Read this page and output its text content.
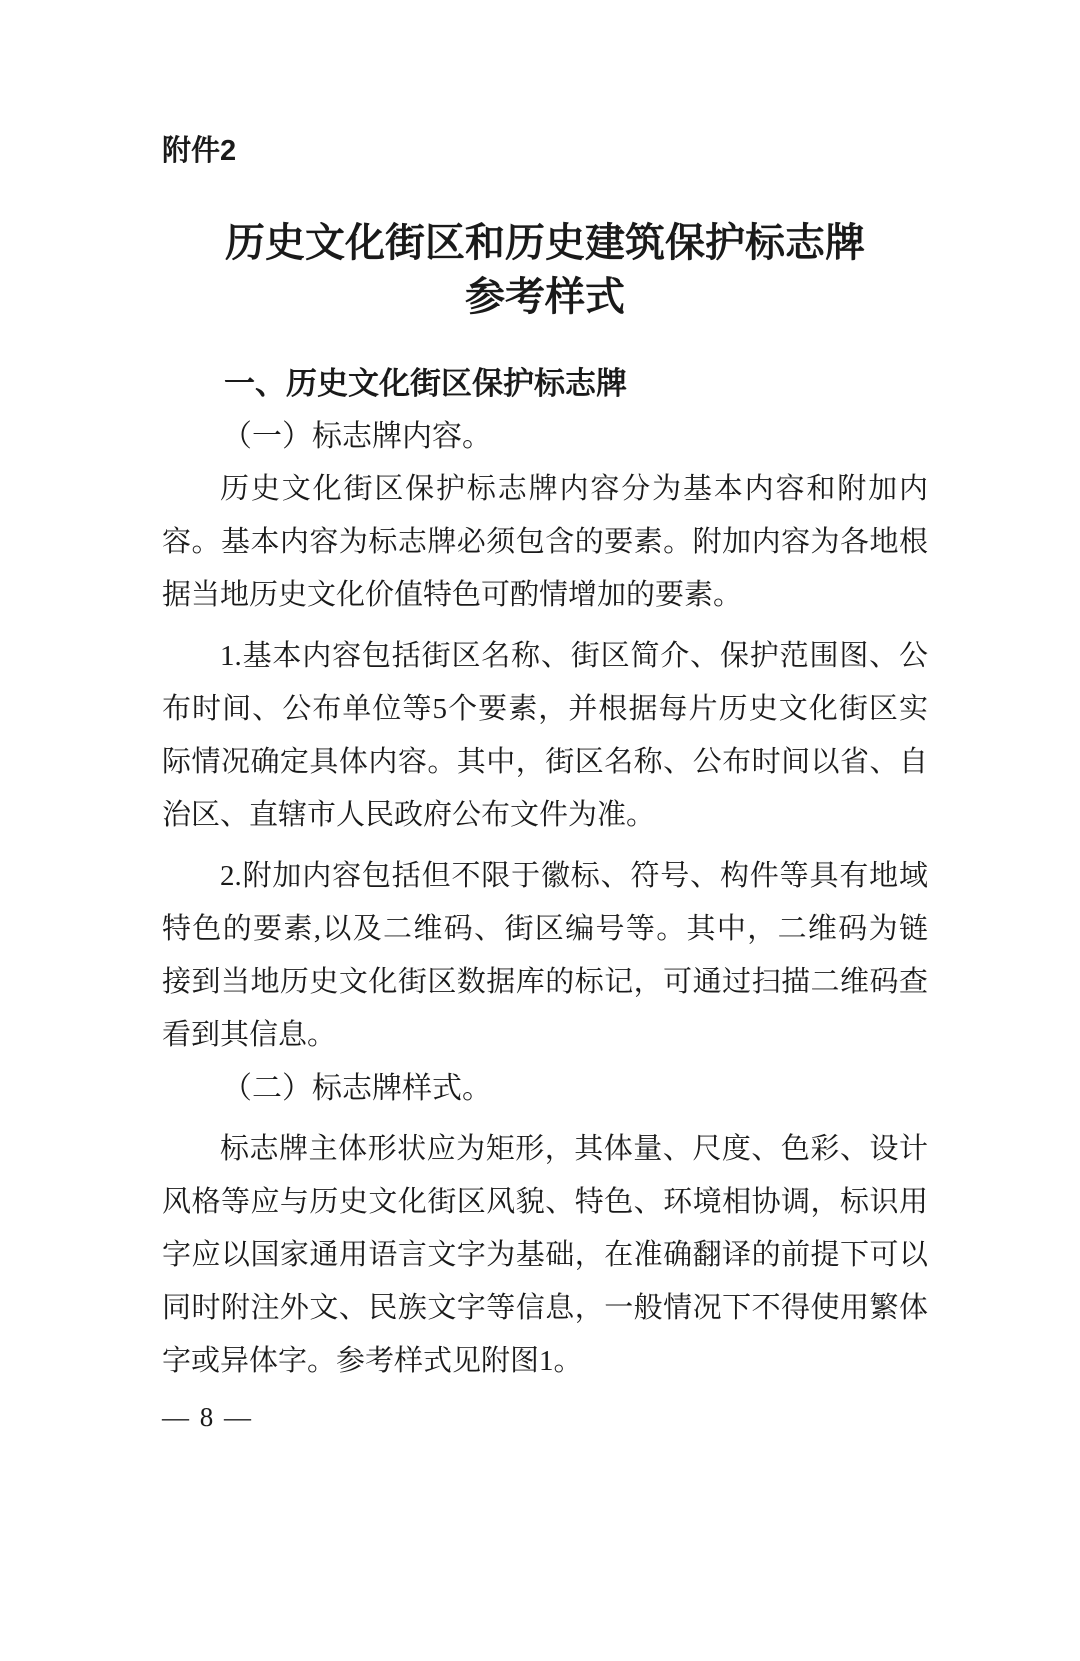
附件2
历史文化街区和历史建筑保护标志牌
参考样式
一、历史文化街区保护标志牌
（一）标志牌内容。
历史文化街区保护标志牌内容分为基本内容和附加内
容。基本内容为标志牌必须包含的要素。附加内容为各地根
据当地历史文化价值特色可酌情增加的要素。
1.基本内容包括街区名称、街区简介、保护范围图、公
布时间、公布单位等5个要素，并根据每片历史文化街区实
际情况确定具体内容。其中，街区名称、公布时间以省、自
治区、直辖市人民政府公布文件为准。
2.附加内容包括但不限于徽标、符号、构件等具有地域
特色的要素,以及二维码、街区编号等。其中，二维码为链
接到当地历史文化街区数据库的标记，可通过扫描二维码查
看到其信息。
（二）标志牌样式。
标志牌主体形状应为矩形，其体量、尺度、色彩、设计
风格等应与历史文化街区风貌、特色、环境相协调，标识用
字应以国家通用语言文字为基础，在准确翻译的前提下可以
同时附注外文、民族文字等信息，一般情况下不得使用繁体
字或异体字。参考样式见附图1。
— 8 —
